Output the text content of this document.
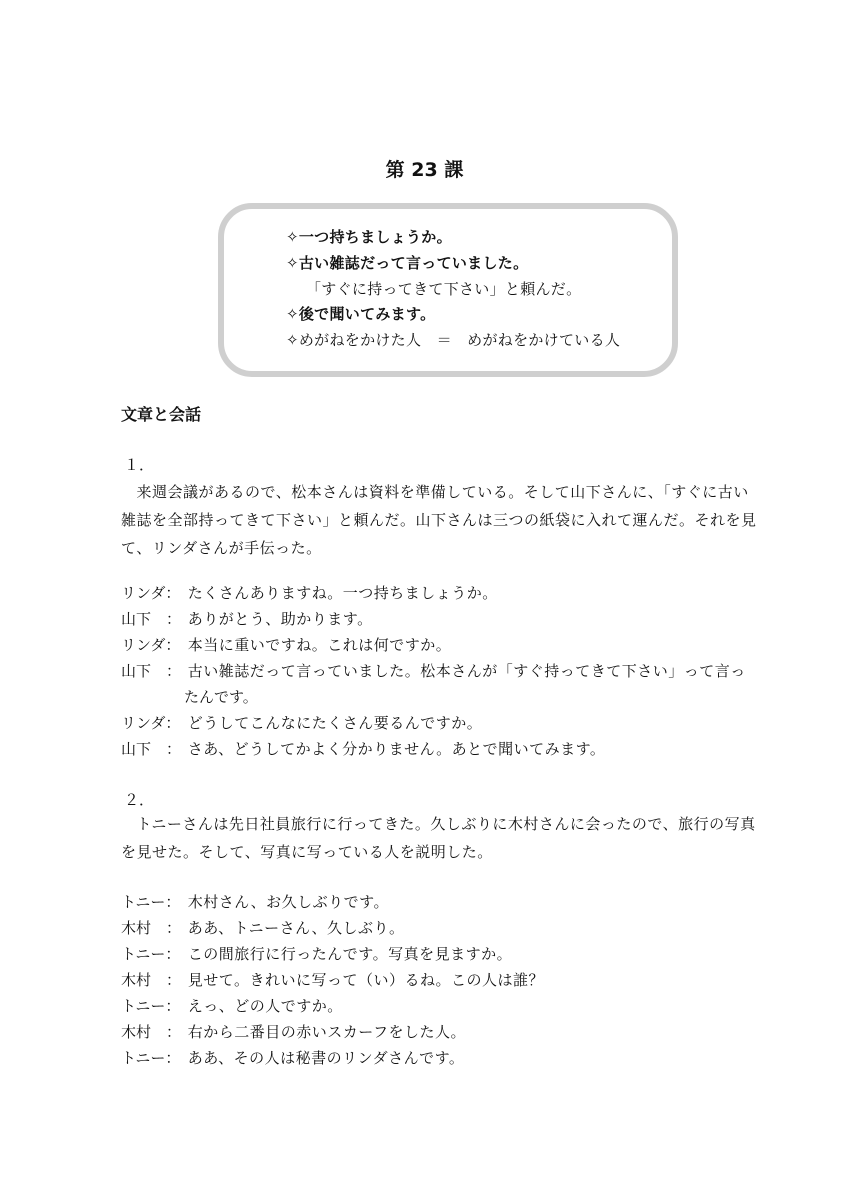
第 23 課
✧一つ持ちましょうか。
✧古い雑誌だって言っていました。
「すぐに持ってきて下さい」と頼んだ。
✧後で聞いてみます。
✧めがねをかけた人　＝　めがねをかけている人
文章と会話
１．
　来週会議があるので、松本さんは資料を準備している。そして山下さんに、「すぐに古い
雑誌を全部持ってきて下さい」と頼んだ。山下さんは三つの紙袋に入れて運んだ。それを見
て、リンダさんが手伝った。
リンダ： たくさんありますね。一つ持ちましょうか。
山下　： ありがとう、助かります。
リンダ： 本当に重いですね。これは何ですか。
山下　： 古い雑誌だって言っていました。松本さんが「すぐ持ってきて下さい」って言っ
たんです。
リンダ： どうしてこんなにたくさん要るんですか。
山下　： さあ、どうしてかよく分かりません。あとで聞いてみます。
２．
　トニーさんは先日社員旅行に行ってきた。久しぶりに木村さんに会ったので、旅行の写真
を見せた。そして、写真に写っている人を説明した。
トニー： 木村さん、お久しぶりです。
木村　： ああ、トニーさん、久しぶり。
トニー： この間旅行に行ったんです。写真を見ますか。
木村　： 見せて。きれいに写って（い）るね。この人は誰？
トニー： えっ、どの人ですか。
木村　： 右から二番目の赤いスカーフをした人。
トニー： ああ、その人は秘書のリンダさんです。
